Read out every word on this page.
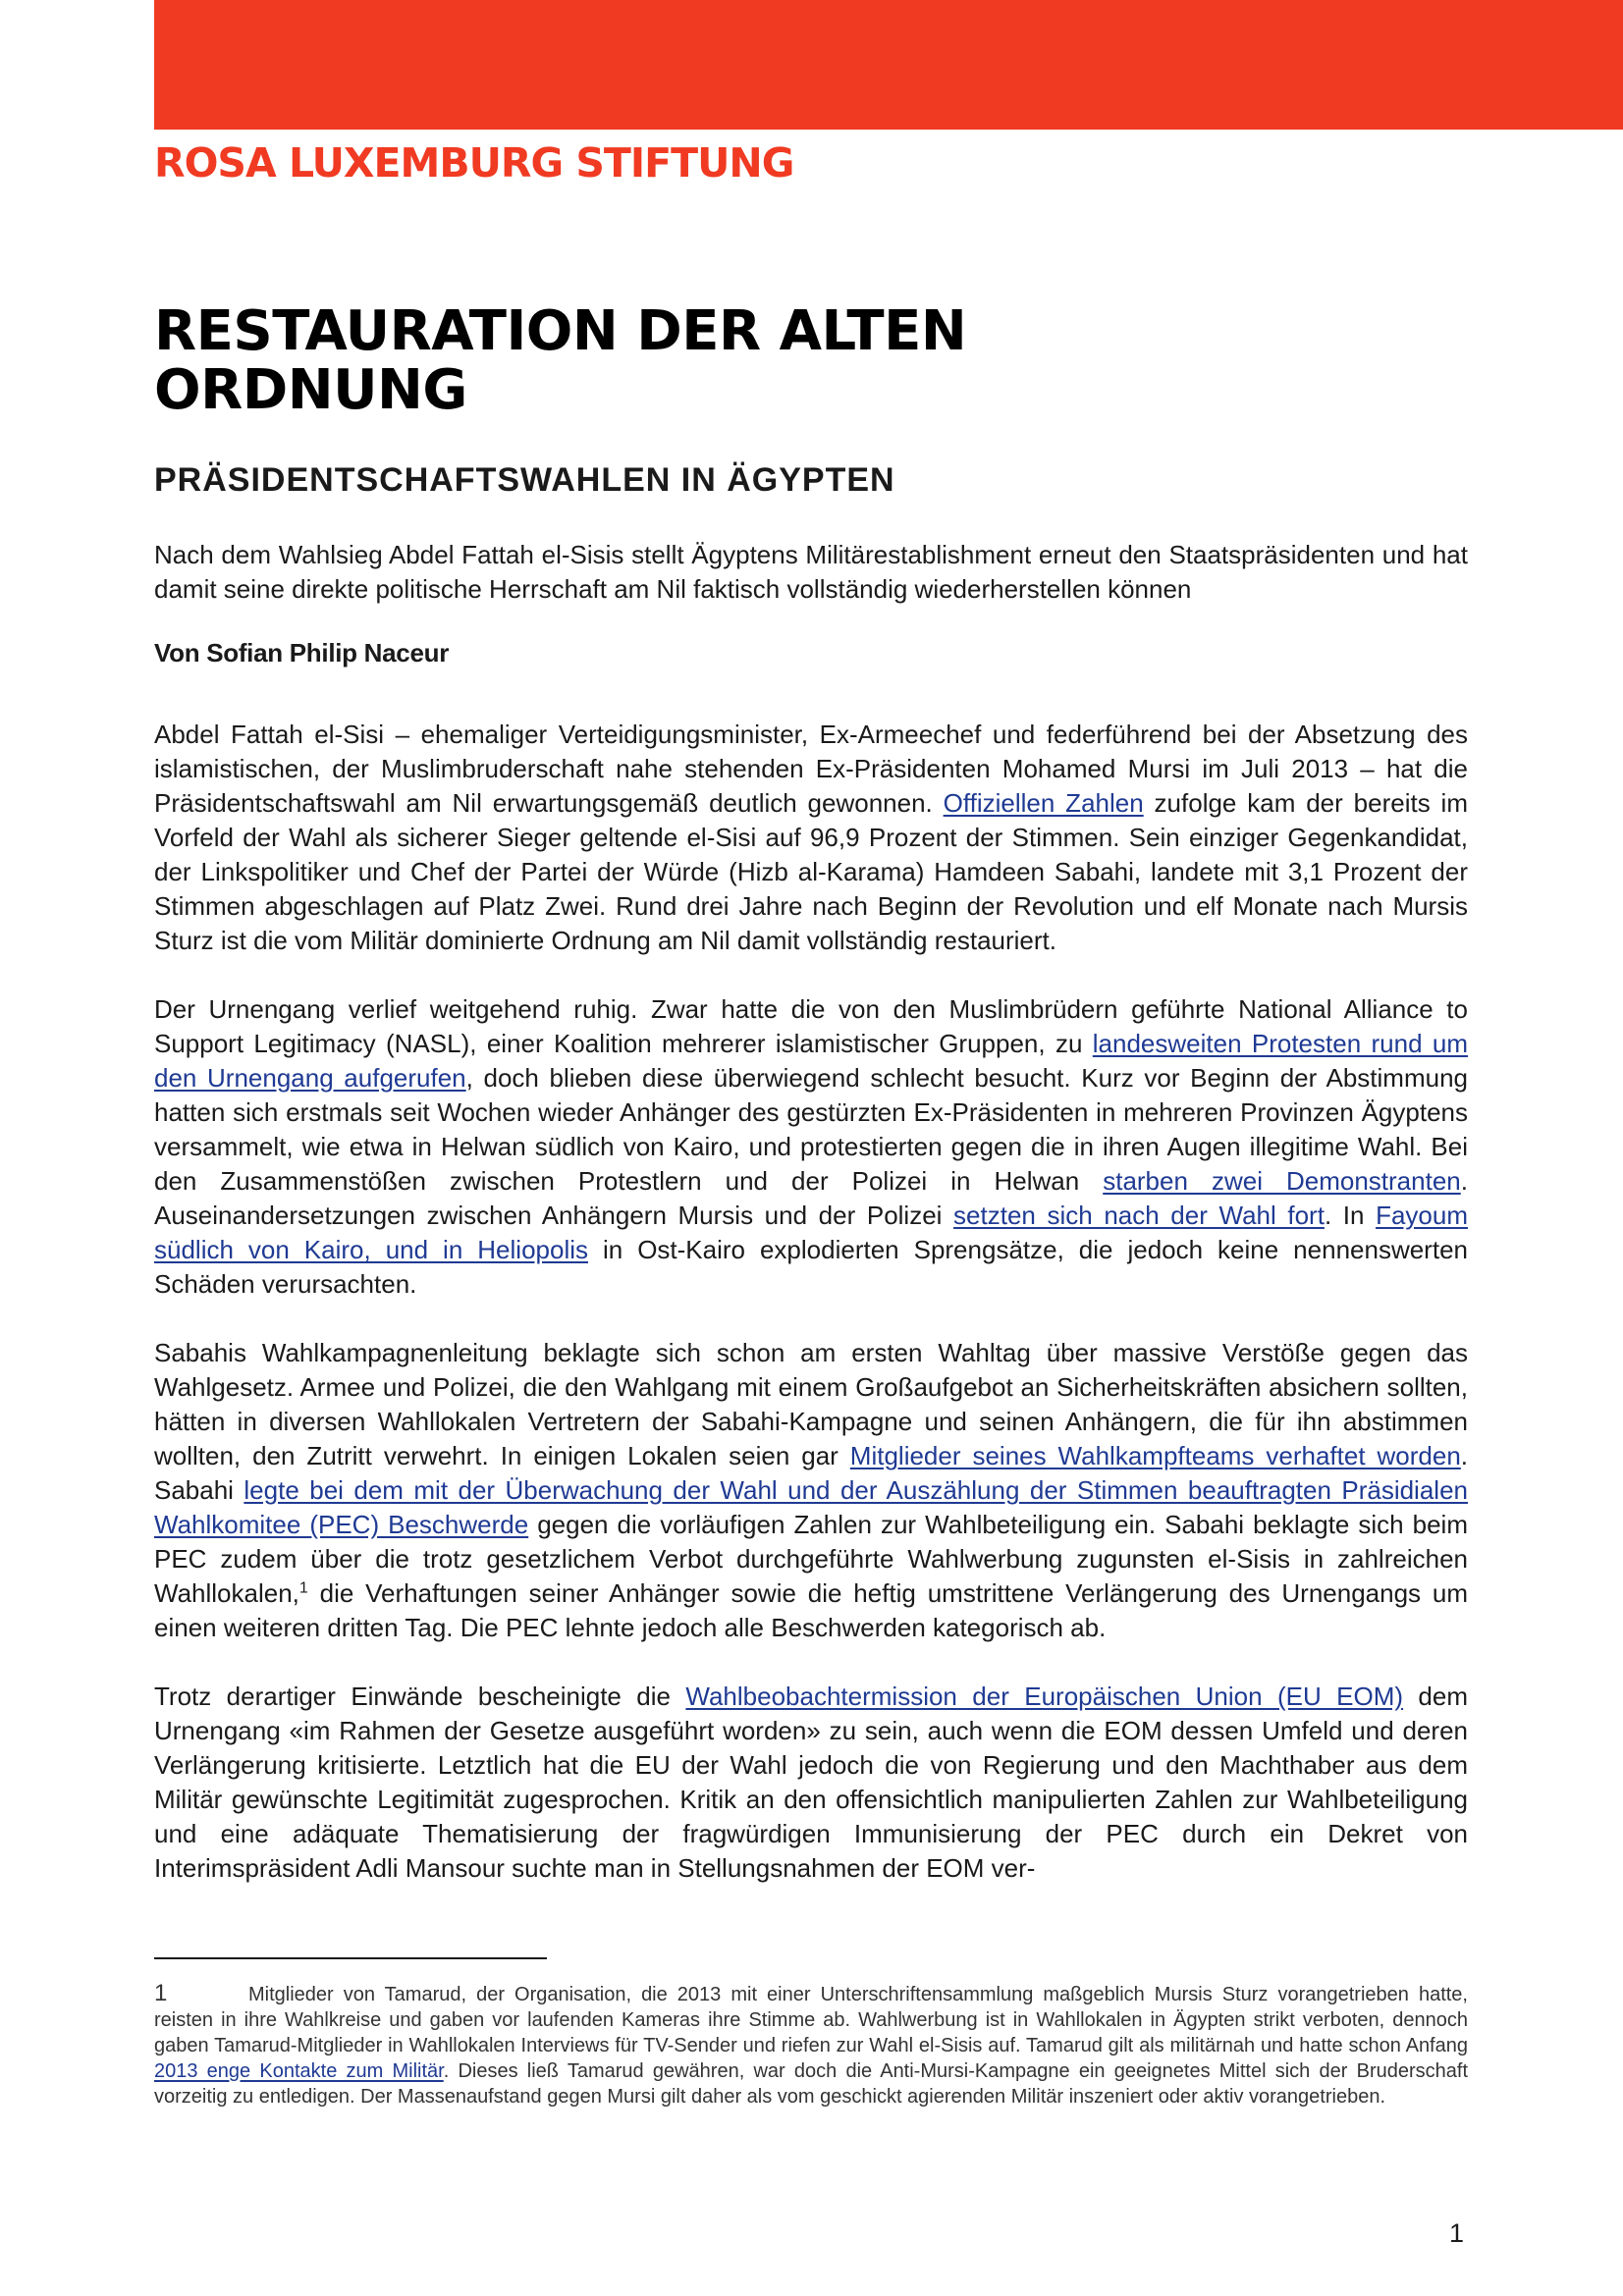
ROSA LUXEMBURG STIFTUNG
RESTAURATION DER ALTEN
ORDNUNG
PRÄSIDENTSCHAFTSWAHLEN IN ÄGYPTEN

Nach dem Wahlsieg Abdel Fattah el-Sisis stellt Ägyptens Militärestablishment erneut den Staatspräsidenten und hat damit seine direkte politische Herrschaft am Nil faktisch vollständig wiederherstellen können

Von Sofian Philip Naceur

Abdel Fattah el-Sisi – ehemaliger Verteidigungsminister, Ex-Armeechef und federführend bei der Absetzung des islamistischen, der Muslimbruderschaft nahe stehenden Ex-Präsidenten Mohamed Mursi im Juli 2013 – hat die Präsidentschaftswahl am Nil erwartungsgemäß deutlich gewonnen. Offiziellen Zahlen zufolge kam der bereits im Vorfeld der Wahl als sicherer Sieger geltende el-Sisi auf 96,9 Prozent der Stimmen. Sein einziger Gegenkandidat, der Linkspolitiker und Chef der Partei der Würde (Hizb al-Karama) Hamdeen Sabahi, landete mit 3,1 Prozent der Stimmen abgeschlagen auf Platz Zwei. Rund drei Jahre nach Beginn der Revolution und elf Monate nach Mursis Sturz ist die vom Militär dominierte Ordnung am Nil damit vollständig restauriert.

Der Urnengang verlief weitgehend ruhig. Zwar hatte die von den Muslimbrüdern geführte National Alliance to Support Legitimacy (NASL), einer Koalition mehrerer islamistischer Gruppen, zu landesweiten Protesten rund um den Urnengang aufgerufen, doch blieben diese überwiegend schlecht besucht. Kurz vor Beginn der Abstimmung hatten sich erstmals seit Wochen wieder Anhänger des gestürzten Ex-Präsidenten in mehreren Provinzen Ägyptens versammelt, wie etwa in Helwan südlich von Kairo, und protestierten gegen die in ihren Augen illegitime Wahl. Bei den Zusammenstößen zwischen Protestlern und der Polizei in Helwan starben zwei Demonstranten. Auseinandersetzungen zwischen Anhängern Mursis und der Polizei setzten sich nach der Wahl fort. In Fayoum südlich von Kairo, und in Heliopolis in Ost-Kairo explodierten Sprengsätze, die jedoch keine nennenswerten Schäden verursachten.

Sabahis Wahlkampagnenleitung beklagte sich schon am ersten Wahltag über massive Verstöße gegen das Wahlgesetz. Armee und Polizei, die den Wahlgang mit einem Großaufgebot an Sicherheitskräften absichern sollten, hätten in diversen Wahllokalen Vertretern der Sabahi-Kampagne und seinen Anhängern, die für ihn abstimmen wollten, den Zutritt verwehrt. In einigen Lokalen seien gar Mitglieder seines Wahlkampfteams verhaftet worden. Sabahi legte bei dem mit der Überwachung der Wahl und der Auszählung der Stimmen beauftragten Präsidialen Wahlkomitee (PEC) Beschwerde gegen die vorläufigen Zahlen zur Wahlbeteiligung ein. Sabahi beklagte sich beim PEC zudem über die trotz gesetzlichem Verbot durchgeführte Wahlwerbung zugunsten el-Sisis in zahlreichen Wahllokalen,$^1$ die Verhaftungen seiner Anhänger sowie die heftig umstrittene Verlängerung des Urnengangs um einen weiteren dritten Tag. Die PEC lehnte jedoch alle Beschwerden kategorisch ab.

Trotz derartiger Einwände bescheinigte die Wahlbeobachtermission der Europäischen Union (EU EOM) dem Urnengang «im Rahmen der Gesetze ausgeführt worden» zu sein, auch wenn die EOM dessen Umfeld und deren Verlängerung kritisierte. Letztlich hat die EU der Wahl jedoch die von Regierung und den Machthaber aus dem Militär gewünschte Legitimität zugesprochen. Kritik an den offensichtlich manipulierten Zahlen zur Wahlbeteiligung und eine adäquate Thematisierung der fragwürdigen Immunisierung der PEC durch ein Dekret von Interimspräsident Adli Mansour suchte man in Stellungsnahmen der EOM ver-

1	Mitglieder von Tamarud, der Organisation, die 2013 mit einer Unterschriftensammlung maßgeblich Mursis Sturz vorangetrieben hatte, reisten in ihre Wahlkreise und gaben vor laufenden Kameras ihre Stimme ab. Wahlwerbung ist in Wahllokalen in Ägypten strikt verboten, dennoch gaben Tamarud-Mitglieder in Wahllokalen Interviews für TV-Sender und riefen zur Wahl el-Sisis auf. Tamarud gilt als militärnah und hatte schon Anfang 2013 enge Kontakte zum Militär. Dieses ließ Tamarud gewähren, war doch die Anti-Mursi-Kampagne ein geeignetes Mittel sich der Bruderschaft vorzeitig zu entledigen. Der Massenaufstand gegen Mursi gilt daher als vom geschickt agierenden Militär inszeniert oder aktiv vorangetrieben.
1
